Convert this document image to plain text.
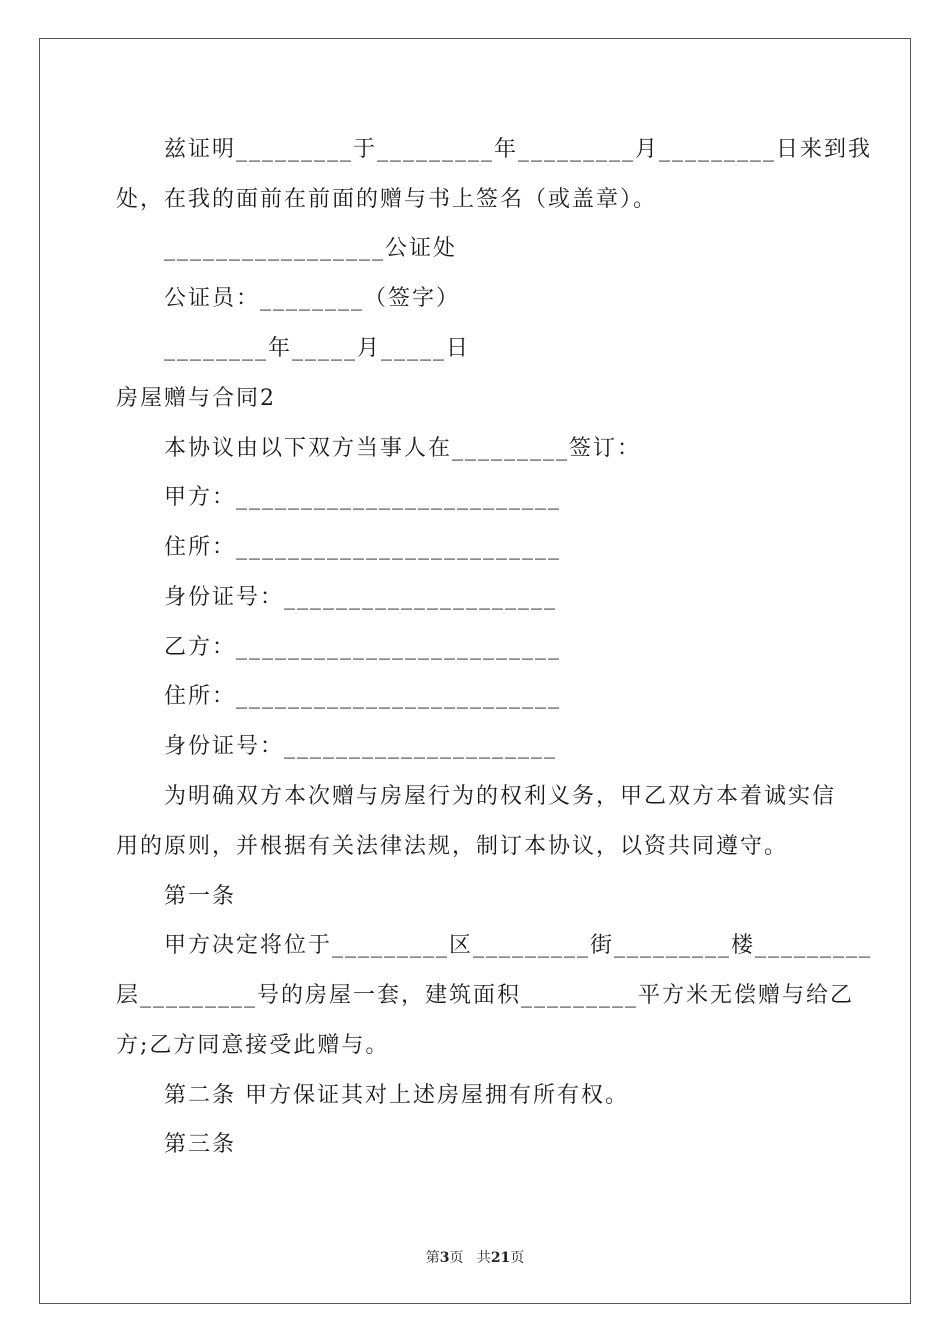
兹证明_________于_________年_________月_________日来到我
处，在我的面前在前面的赠与书上签名（或盖章）。
_________________公证处
公证员：________（签字）
________年_____月_____日
房屋赠与合同2
本协议由以下双方当事人在_________签订：
甲方：_________________________
住所：_________________________
身份证号：_____________________
乙方：_________________________
住所：_________________________
身份证号：_____________________
为明确双方本次赠与房屋行为的权利义务，甲乙双方本着诚实信
用的原则，并根据有关法律法规，制订本协议，以资共同遵守。
第一条
甲方决定将位于_________区_________街_________楼_________
层_________号的房屋一套，建筑面积_________平方米无偿赠与给乙
方;乙方同意接受此赠与。
第二条 甲方保证其对上述房屋拥有所有权。
第三条
第3页 共21页
